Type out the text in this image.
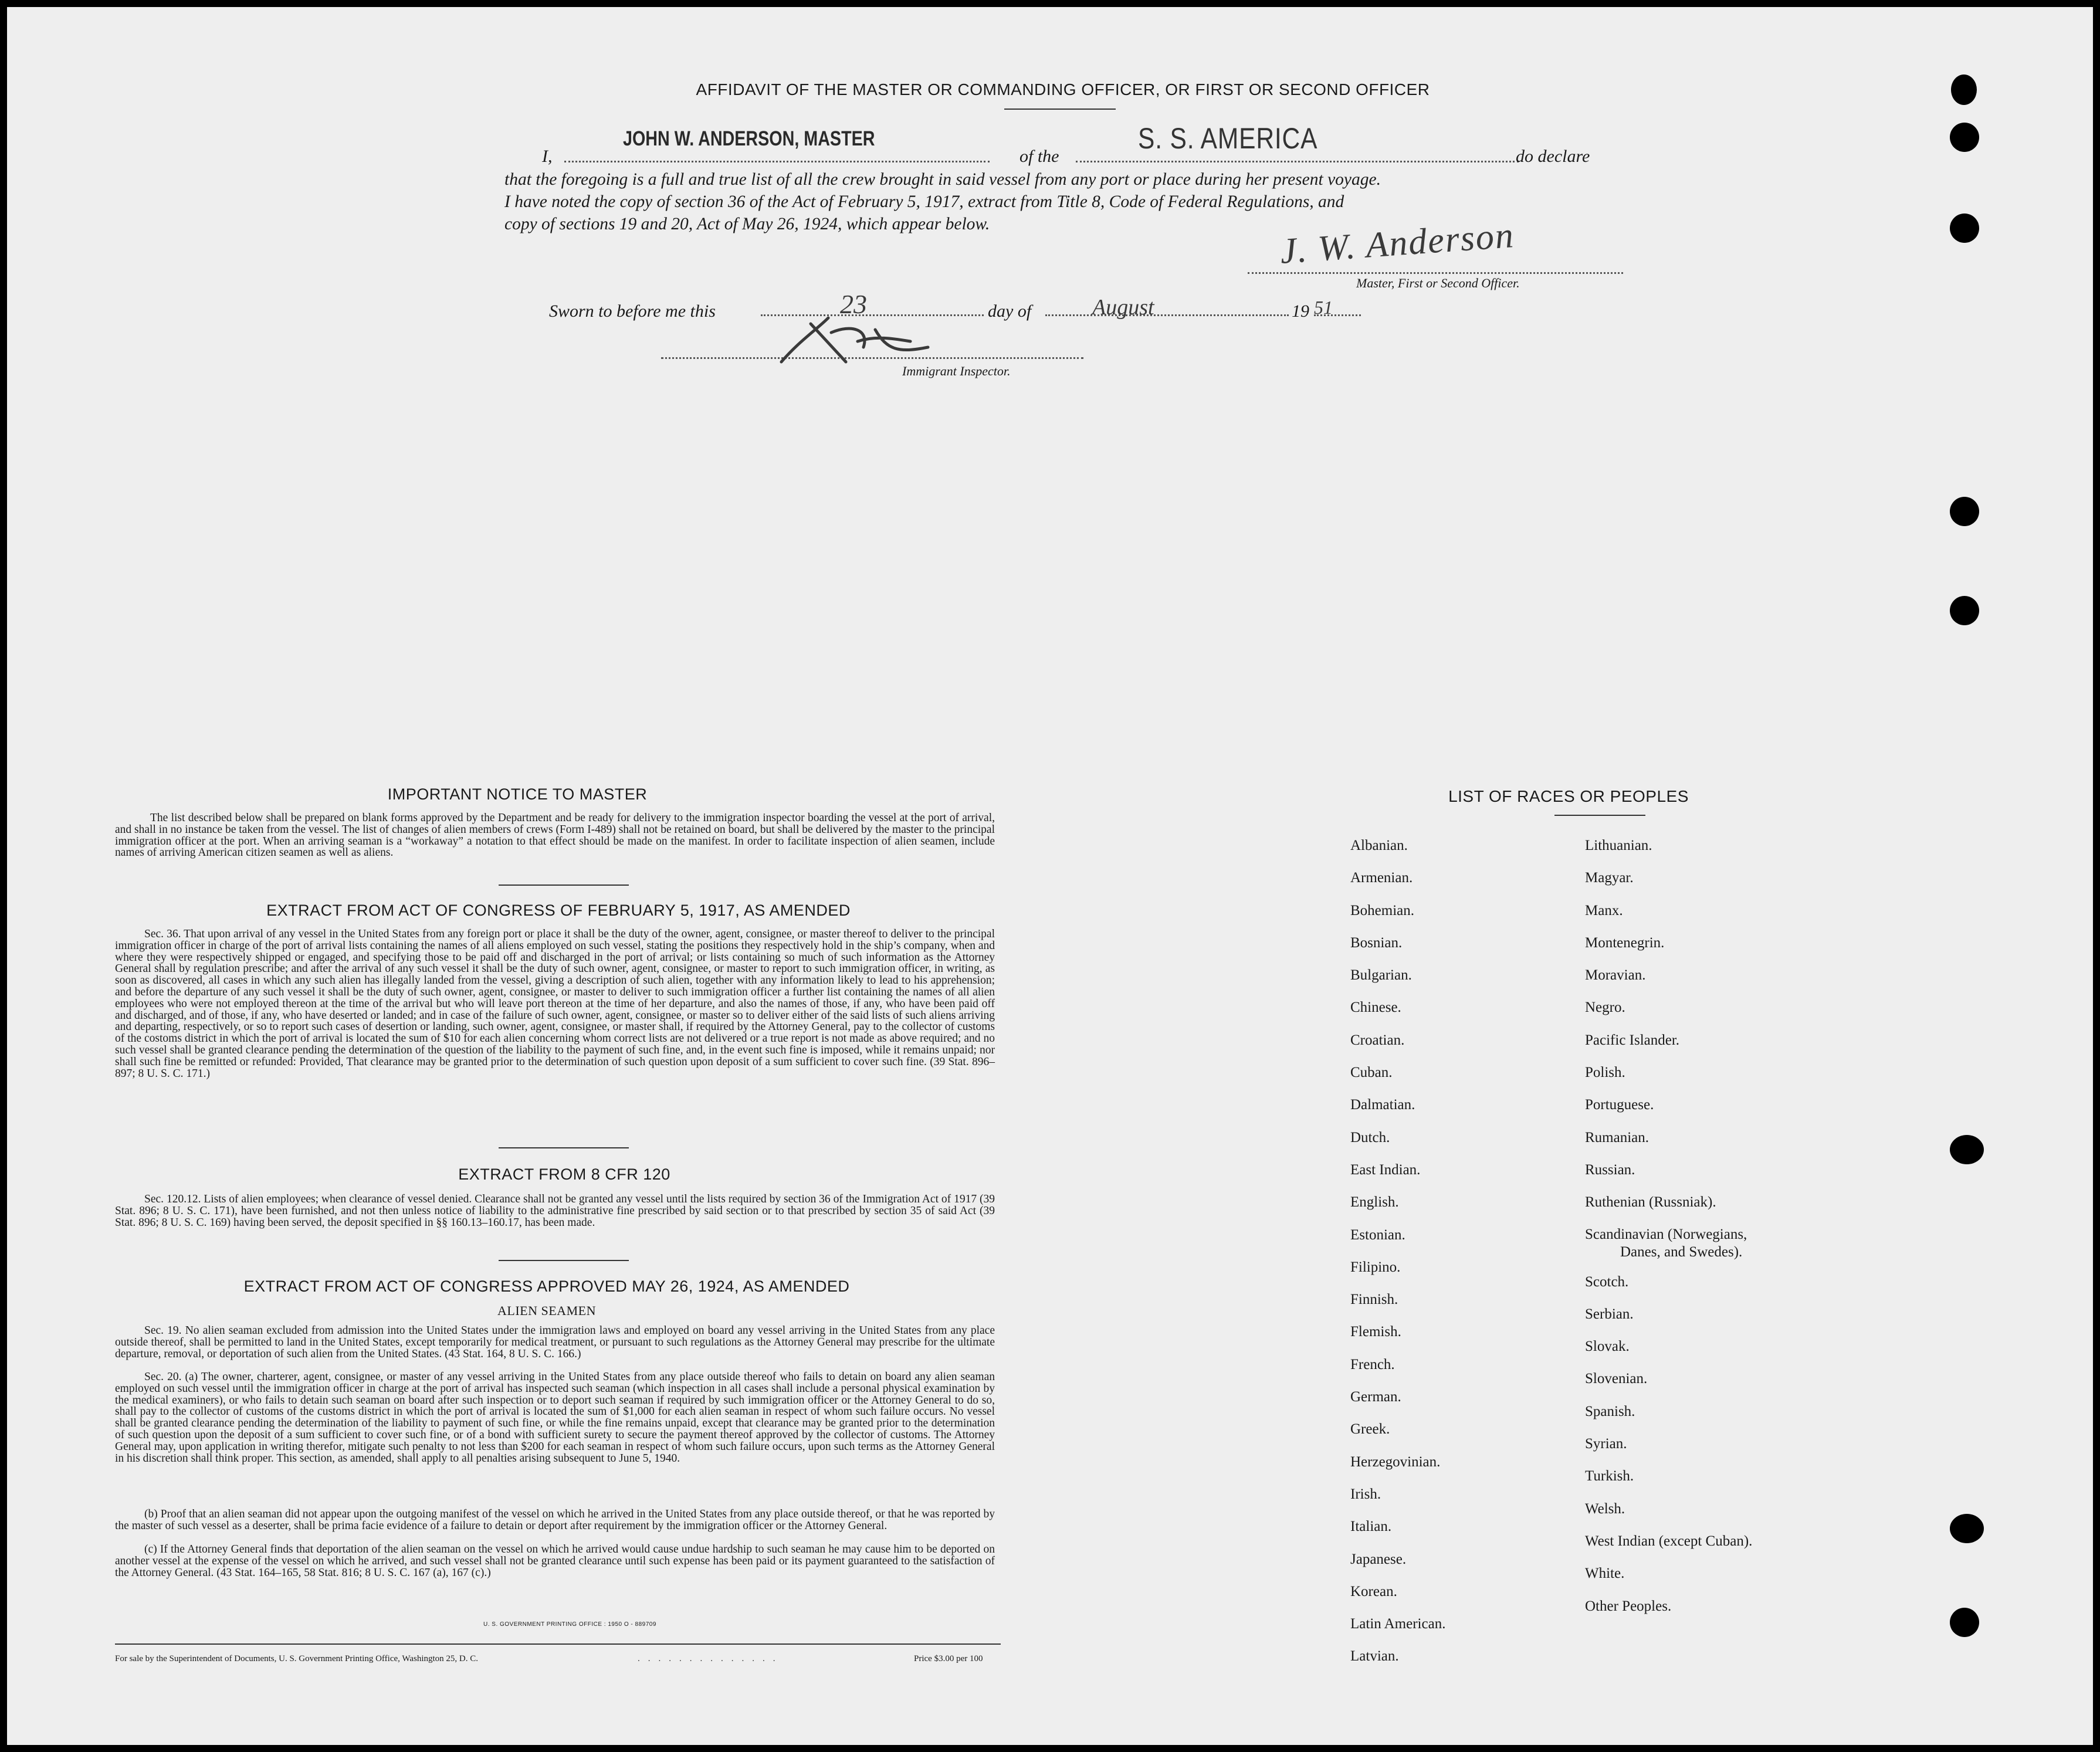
AFFIDAVIT OF THE MASTER OR COMMANDING OFFICER, OR FIRST OR SECOND OFFICER
I,
JOHN W. ANDERSON, MASTER
of the
S. S. AMERICA
do declare
that the foregoing is a full and true list of all the crew brought in said vessel from any port or place during her present voyage.
I have noted the copy of section 36 of the Act of February 5, 1917, extract from Title 8, Code of Federal Regulations, and
copy of sections 19 and 20, Act of May 26, 1924, which appear below.	J. W. Anderson
Master, First or Second Officer.
Sworn to before me this	23	day of	August	19 51
Immigrant Inspector.
IMPORTANT NOTICE TO MASTER
The list described below shall be prepared on blank forms approved by the Department and be ready for delivery to the immigration inspector boarding the vessel at the port of arrival, and shall in no instance be taken from the vessel. The list of changes of alien members of crews (Form I-489) shall not be retained on board, but shall be delivered by the master to the principal immigration officer at the port. When an arriving seaman is a “workaway” a notation to that effect should be made on the manifest. In order to facilitate inspection of alien seamen, include names of arriving American citizen seamen as well as aliens.
EXTRACT FROM ACT OF CONGRESS OF FEBRUARY 5, 1917, AS AMENDED
Sec. 36. That upon arrival of any vessel in the United States from any foreign port or place it shall be the duty of the owner, agent, consignee, or master thereof to deliver to the principal immigration officer in charge of the port of arrival lists containing the names of all aliens employed on such vessel, stating the positions they respectively hold in the ship’s company, when and where they were respectively shipped or engaged, and specifying those to be paid off and discharged in the port of arrival; or lists containing so much of such information as the Attorney General shall by regulation prescribe; and after the arrival of any such vessel it shall be the duty of such owner, agent, consignee, or master to report to such immigration officer, in writing, as soon as discovered, all cases in which any such alien has illegally landed from the vessel, giving a description of such alien, together with any information likely to lead to his apprehension; and before the departure of any such vessel it shall be the duty of such owner, agent, consignee, or master to deliver to such immigration officer a further list containing the names of all alien employees who were not employed thereon at the time of the arrival but who will leave port thereon at the time of her departure, and also the names of those, if any, who have been paid off and discharged, and of those, if any, who have deserted or landed; and in case of the failure of such owner, agent, consignee, or master so to deliver either of the said lists of such aliens arriving and departing, respectively, or so to report such cases of desertion or landing, such owner, agent, consignee, or master shall, if required by the Attorney General, pay to the collector of customs of the costoms district in which the port of arrival is located the sum of $10 for each alien concerning whom correct lists are not delivered or a true report is not made as above required; and no such vessel shall be granted clearance pending the determination of the question of the liability to the payment of such fine, and, in the event such fine is imposed, while it remains unpaid; nor shall such fine be remitted or refunded: Provided, That clearance may be granted prior to the determination of such question upon deposit of a sum sufficient to cover such fine. (39 Stat. 896–897; 8 U. S. C. 171.)
EXTRACT FROM 8 CFR 120
Sec. 120.12. Lists of alien employees; when clearance of vessel denied. Clearance shall not be granted any vessel until the lists required by section 36 of the Immigration Act of 1917 (39 Stat. 896; 8 U. S. C. 171), have been furnished, and not then unless notice of liability to the administrative fine prescribed by said section or to that prescribed by section 35 of said Act (39 Stat. 896; 8 U. S. C. 169) having been served, the deposit specified in §§ 160.13–160.17, has been made.
EXTRACT FROM ACT OF CONGRESS APPROVED MAY 26, 1924, AS AMENDED
ALIEN SEAMEN
Sec. 19. No alien seaman excluded from admission into the United States under the immigration laws and employed on board any vessel arriving in the United States from any place outside thereof, shall be permitted to land in the United States, except temporarily for medical treatment, or pursuant to such regulations as the Attorney General may prescribe for the ultimate departure, removal, or deportation of such alien from the United States. (43 Stat. 164, 8 U. S. C. 166.)
Sec. 20. (a) The owner, charterer, agent, consignee, or master of any vessel arriving in the United States from any place outside thereof who fails to detain on board any alien seaman employed on such vessel until the immigration officer in charge at the port of arrival has inspected such seaman (which inspection in all cases shall include a personal physical examination by the medical examiners), or who fails to detain such seaman on board after such inspection or to deport such seaman if required by such immigration officer or the Attorney General to do so, shall pay to the collector of customs of the customs district in which the port of arrival is located the sum of $1,000 for each alien seaman in respect of whom such failure occurs. No vessel shall be granted clearance pending the determination of the liability to payment of such fine, or while the fine remains unpaid, except that clearance may be granted prior to the determination of such question upon the deposit of a sum sufficient to cover such fine, or of a bond with sufficient surety to secure the payment thereof approved by the collector of customs. The Attorney General may, upon application in writing therefor, mitigate such penalty to not less than $200 for each seaman in respect of whom such failure occurs, upon such terms as the Attorney General in his discretion shall think proper. This section, as amended, shall apply to all penalties arising subsequent to June 5, 1940.
(b) Proof that an alien seaman did not appear upon the outgoing manifest of the vessel on which he arrived in the United States from any place outside thereof, or that he was reported by the master of such vessel as a deserter, shall be prima facie evidence of a failure to detain or deport after requirement by the immigration officer or the Attorney General.
(c) If the Attorney General finds that deportation of the alien seaman on the vessel on which he arrived would cause undue hardship to such seaman he may cause him to be deported on another vessel at the expense of the vessel on which he arrived, and such vessel shall not be granted clearance until such expense has been paid or its payment guaranteed to the satisfaction of the Attorney General. (43 Stat. 164–165, 58 Stat. 816; 8 U. S. C. 167 (a), 167 (c).)
U. S. GOVERNMENT PRINTING OFFICE : 1950 O - 889709
For sale by the Superintendent of Documents, U. S. Government Printing Office, Washington 25, D. C.	..............	Price $3.00 per 100
LIST OF RACES OR PEOPLES
Albanian.
Armenian.
Bohemian.
Bosnian.
Bulgarian.
Chinese.
Croatian.
Cuban.
Dalmatian.
Dutch.
East Indian.
English.
Estonian.
Filipino.
Finnish.
Flemish.
French.
German.
Greek.
Herzegovinian.
Irish.
Italian.
Japanese.
Korean.
Latin American.
Latvian.
Lithuanian.
Magyar.
Manx.
Montenegrin.
Moravian.
Negro.
Pacific Islander.
Polish.
Portuguese.
Rumanian.
Russian.
Ruthenian (Russniak).
Scandinavian (Norwegians,
Danes, and Swedes).
Scotch.
Serbian.
Slovak.
Slovenian.
Spanish.
Syrian.
Turkish.
Welsh.
West Indian (except Cuban).
White.
Other Peoples.
